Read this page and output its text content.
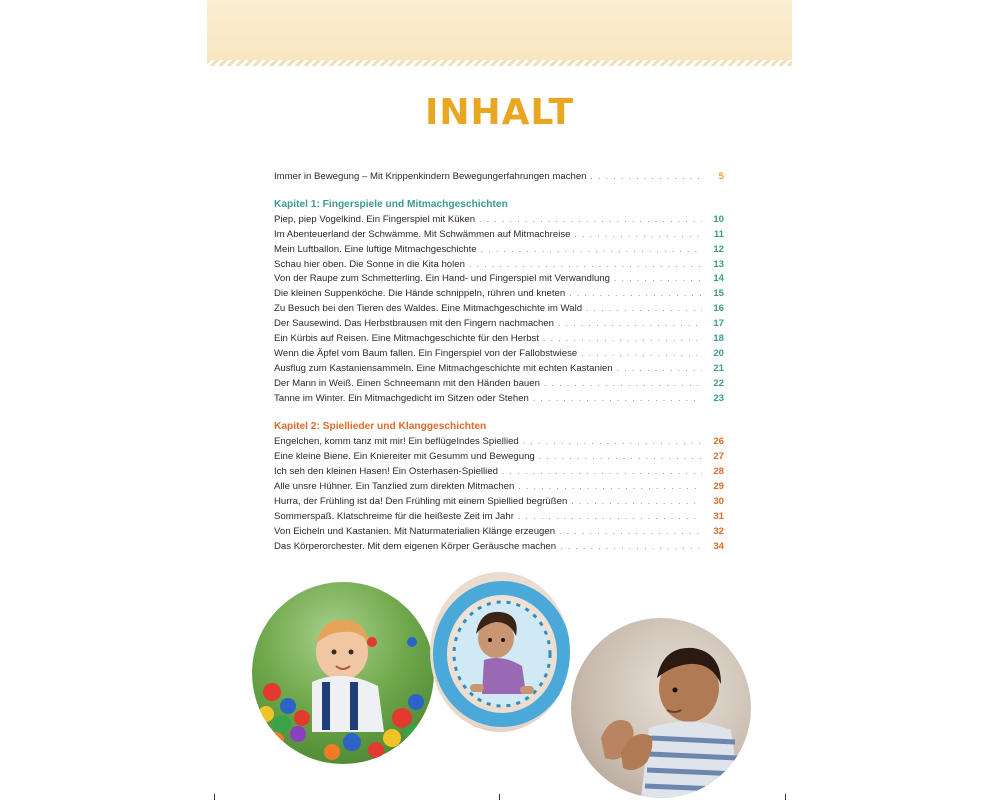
INHALT
Immer in Bewegung – Mit Krippenkindern Bewegungerfahrungen machen . . .	5
Kapitel 1: Fingerspiele und Mitmachgeschichten
Piep, piep Vogelkind. Ein Fingerspiel mit Küken . . .	10
Im Abenteuerland der Schwämme. Mit Schwämmen auf Mitmachreise . . .	11
Mein Luftballon. Eine luftige Mitmachgeschichte . . .	12
Schau hier oben. Die Sonne in die Kita holen . . .	13
Von der Raupe zum Schmetterling. Ein Hand- und Fingerspiel mit Verwandlung . . .	14
Die kleinen Suppenköche. Die Hände schnippeln, rühren und kneten . . .	15
Zu Besuch bei den Tieren des Waldes. Eine Mitmachgeschichte im Wald . . .	16
Der Sausewind. Das Herbstbrausen mit den Fingern nachmachen . . .	17
Ein Kürbis auf Reisen. Eine Mitmachgeschichte für den Herbst . . .	18
Wenn die Äpfel vom Baum fallen. Ein Fingerspiel von der Fallobstwiese . . .	20
Ausflug zum Kastaniensammeln. Eine Mitmachgeschichte mit echten Kastanien . . .	21
Der Mann in Weiß. Einen Schneemann mit den Händen bauen . . .	22
Tanne im Winter. Ein Mitmachgedicht im Sitzen oder Stehen . . .	23
Kapitel 2: Spiellieder und Klanggeschichten
Engelchen, komm tanz mit mir! Ein beflügeIndes Spiellied . . .	26
Eine kleine Biene. Ein Kniereiter mit Gesumm und Bewegung . . .	27
Ich seh den kleinen Hasen! Ein Osterhasen-Spiellied . . .	28
Alle unsre Hühner. Ein Tanzlied zum direkten Mitmachen . . .	29
Hurra, der Frühling ist da! Den Frühling mit einem Spiellied begrüßen . . .	30
Sommerspaß. Klatschreime für die heißeste Zeit im Jahr . . .	31
Von Eicheln und Kastanien. Mit Naturmaterialien Klänge erzeugen . . .	32
Das Körperorchester. Mit dem eigenen Körper Geräusche machen . . .	34
